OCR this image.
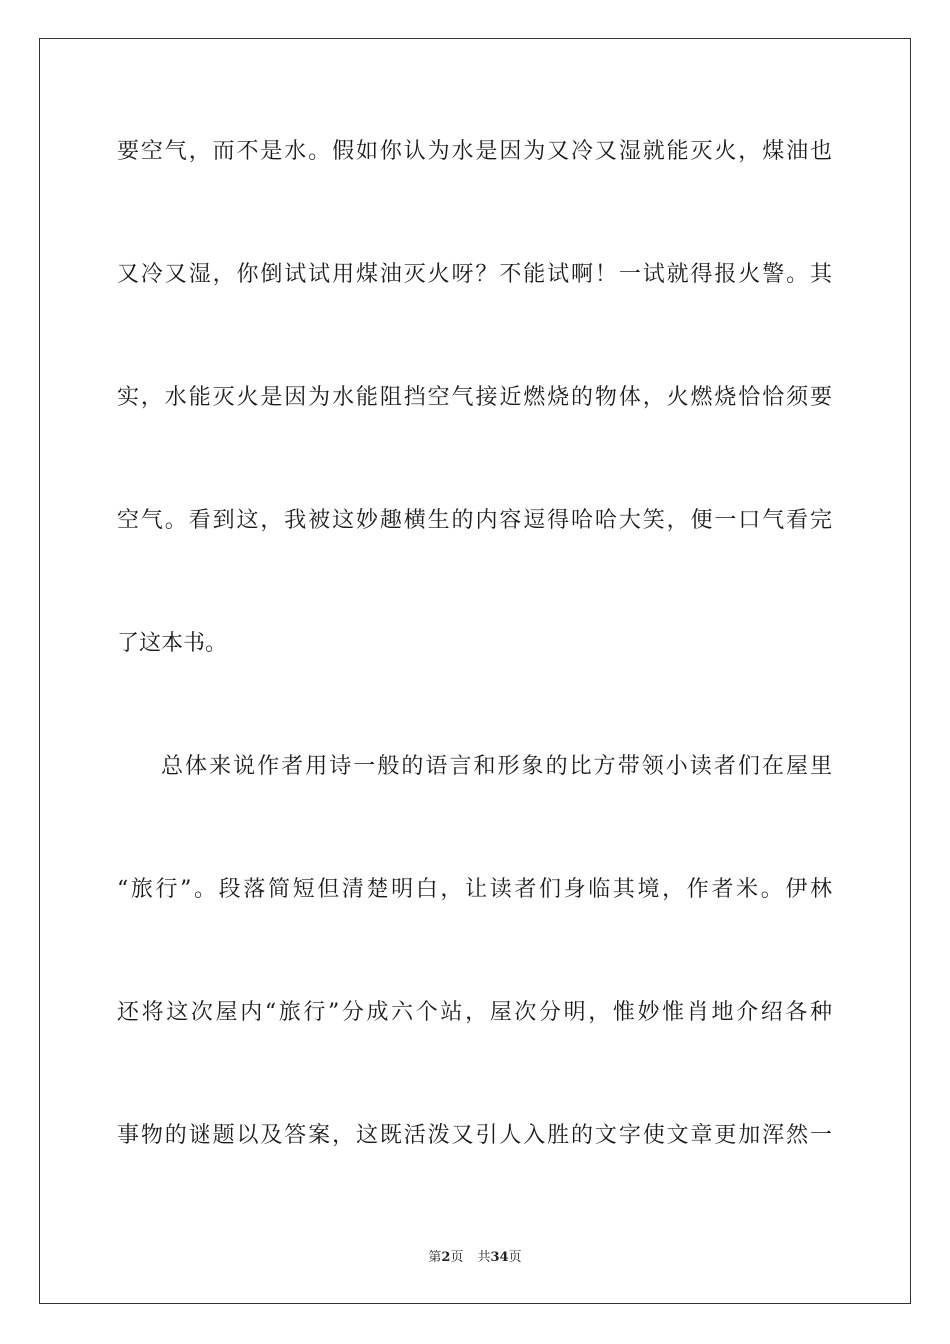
要空气，而不是水。假如你认为水是因为又冷又湿就能灭火，煤油也
又冷又湿，你倒试试用煤油灭火呀？不能试啊！一试就得报火警。其
实，水能灭火是因为水能阻挡空气接近燃烧的物体，火燃烧恰恰须要
空气。看到这，我被这妙趣横生的内容逗得哈哈大笑，便一口气看完
了这本书。
总体来说作者用诗一般的语言和形象的比方带领小读者们在屋里
“旅行”。段落简短但清楚明白，让读者们身临其境，作者米。伊林
还将这次屋内“旅行”分成六个站，屋次分明，惟妙惟肖地介绍各种
事物的谜题以及答案，这既活泼又引人入胜的文字使文章更加浑然一
第2页 共34页
